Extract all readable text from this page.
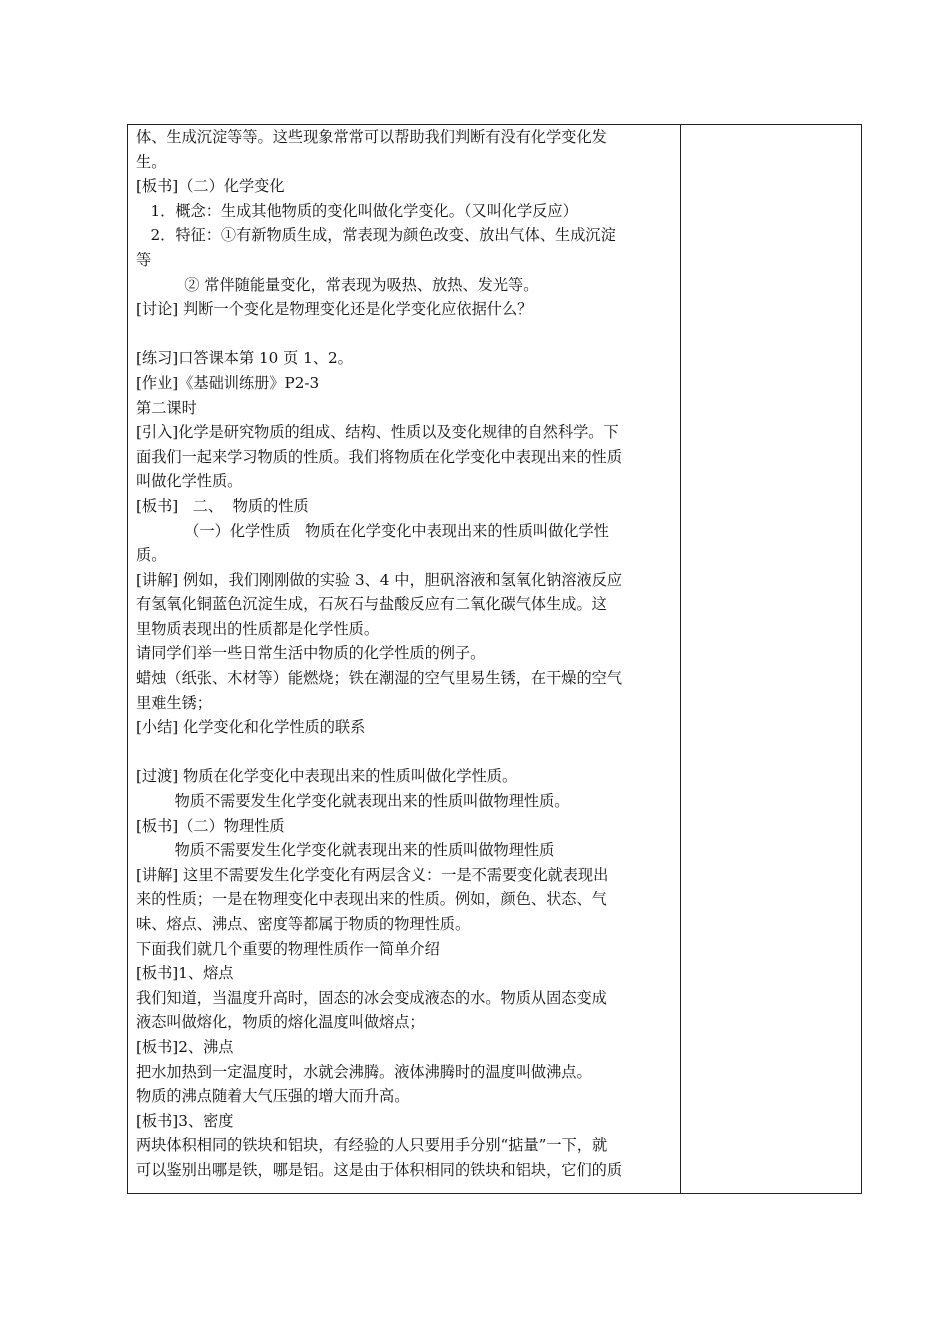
体、生成沉淀等等。这些现象常常可以帮助我们判断有没有化学变化发
生。
[板书]（二）化学变化
1．概念：生成其他物质的变化叫做化学变化。（又叫化学反应）
2．特征：①有新物质生成，常表现为颜色改变、放出气体、生成沉淀
等
② 常伴随能量变化，常表现为吸热、放热、发光等。
[讨论] 判断一个变化是物理变化还是化学变化应依据什么？
[练习]口答课本第 10 页 1、2。
[作业]《基础训练册》P2-3
第二课时
[引入]化学是研究物质的组成、结构、性质以及变化规律的自然科学。下
面我们一起来学习物质的性质。我们将物质在化学变化中表现出来的性质
叫做化学性质。
[板书]   二、  物质的性质
（一）化学性质   物质在化学变化中表现出来的性质叫做化学性
质。
[讲解] 例如，我们刚刚做的实验 3、4 中，胆矾溶液和氢氧化钠溶液反应
有氢氧化铜蓝色沉淀生成，石灰石与盐酸反应有二氧化碳气体生成。这
里物质表现出的性质都是化学性质。
请同学们举一些日常生活中物质的化学性质的例子。
蜡烛（纸张、木材等）能燃烧；铁在潮湿的空气里易生锈，在干燥的空气
里难生锈；
[小结] 化学变化和化学性质的联系
[过渡] 物质在化学变化中表现出来的性质叫做化学性质。
物质不需要发生化学变化就表现出来的性质叫做物理性质。
[板书]（二）物理性质
物质不需要发生化学变化就表现出来的性质叫做物理性质
[讲解] 这里不需要发生化学变化有两层含义：一是不需要变化就表现出
来的性质；一是在物理变化中表现出来的性质。例如，颜色、状态、气
味、熔点、沸点、密度等都属于物质的物理性质。
下面我们就几个重要的物理性质作一简单介绍
[板书]1、熔点
我们知道，当温度升高时，固态的冰会变成液态的水。物质从固态变成
液态叫做熔化，物质的熔化温度叫做熔点；
[板书]2、沸点
把水加热到一定温度时，水就会沸腾。液体沸腾时的温度叫做沸点。
物质的沸点随着大气压强的增大而升高。
[板书]3、密度
两块体积相同的铁块和铝块，有经验的人只要用手分别“掂量”一下，就
可以鉴别出哪是铁，哪是铝。这是由于体积相同的铁块和铝块，它们的质
